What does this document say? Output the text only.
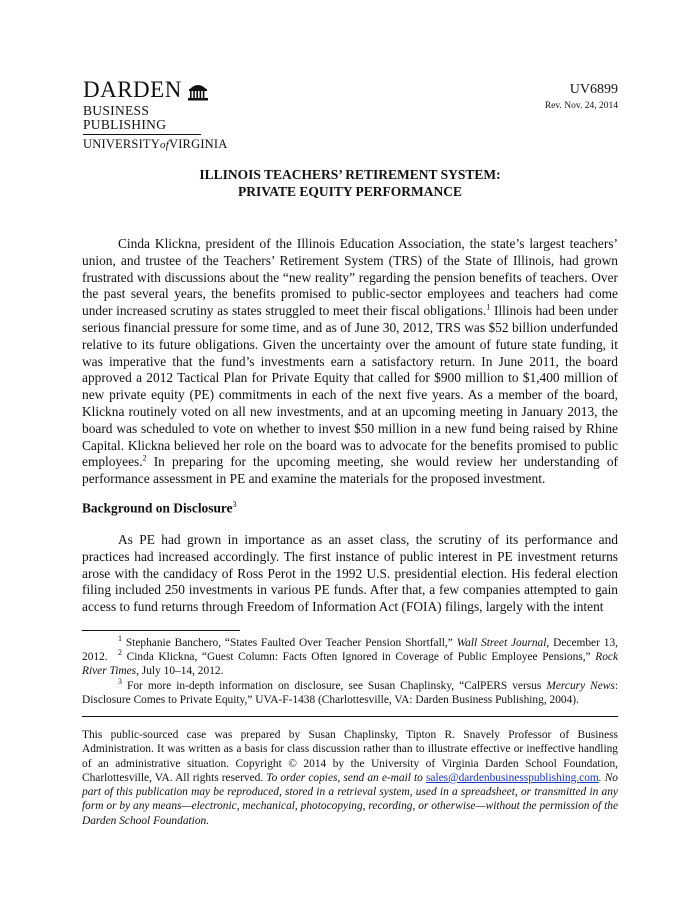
DARDEN
BUSINESS PUBLISHING
UNIVERSITYofVIRGINIA
UV6899
Rev. Nov. 24, 2014
ILLINOIS TEACHERS’ RETIREMENT SYSTEM:
PRIVATE EQUITY PERFORMANCE
Cinda Klickna, president of the Illinois Education Association, the state’s largest teachers’ union, and trustee of the Teachers’ Retirement System (TRS) of the State of Illinois, had grown frustrated with discussions about the “new reality” regarding the pension benefits of teachers. Over the past several years, the benefits promised to public-sector employees and teachers had come under increased scrutiny as states struggled to meet their fiscal obligations.$^1$ Illinois had been under serious financial pressure for some time, and as of June 30, 2012, TRS was $52 billion underfunded relative to its future obligations. Given the uncertainty over the amount of future state funding, it was imperative that the fund’s investments earn a satisfactory return. In June 2011, the board approved a 2012 Tactical Plan for Private Equity that called for $900 million to $1,400 million of new private equity (PE) commitments in each of the next five years. As a member of the board, Klickna routinely voted on all new investments, and at an upcoming meeting in January 2013, the board was scheduled to vote on whether to invest $50 million in a new fund being raised by Rhine Capital. Klickna believed her role on the board was to advocate for the benefits promised to public employees.$^2$ In preparing for the upcoming meeting, she would review her understanding of performance assessment in PE and examine the materials for the proposed investment.
Background on Disclosure$^3$
As PE had grown in importance as an asset class, the scrutiny of its performance and practices had increased accordingly. The first instance of public interest in PE investment returns arose with the candidacy of Ross Perot in the 1992 U.S. presidential election. His federal election filing included 250 investments in various PE funds. After that, a few companies attempted to gain access to fund returns through Freedom of Information Act (FOIA) filings, largely with the intent
$^1$ Stephanie Banchero, “States Faulted Over Teacher Pension Shortfall,” Wall Street Journal, December 13, 2012.	$^2$ Cinda Klickna, “Guest Column: Facts Often Ignored in Coverage of Public Employee Pensions,” Rock River Times, July 10–14, 2012.
$^3$ For more in-depth information on disclosure, see Susan Chaplinsky, “CalPERS versus Mercury News: Disclosure Comes to Private Equity,” UVA-F-1438 (Charlottesville, VA: Darden Business Publishing, 2004).
This public-sourced case was prepared by Susan Chaplinsky, Tipton R. Snavely Professor of Business Administration. It was written as a basis for class discussion rather than to illustrate effective or ineffective handling of an administrative situation. Copyright © 2014 by the University of Virginia Darden School Foundation, Charlottesville, VA. All rights reserved. To order copies, send an e-mail to sales@dardenbusinesspublishing.com. No part of this publication may be reproduced, stored in a retrieval system, used in a spreadsheet, or transmitted in any form or by any means—electronic, mechanical, photocopying, recording, or otherwise—without the permission of the Darden School Foundation.
